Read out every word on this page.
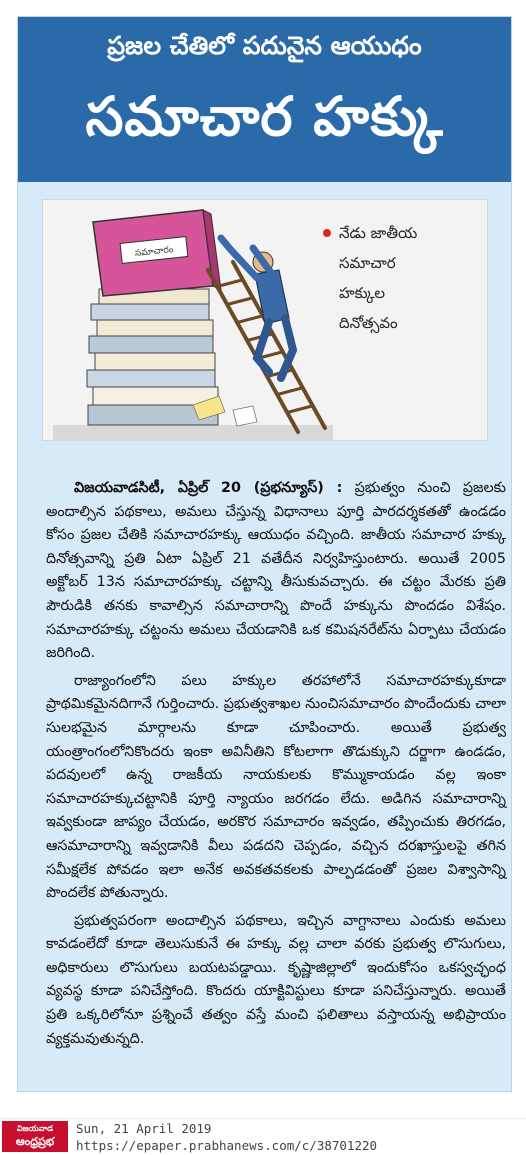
ప్రజల చేతిలో పదునైన ఆయుధం
సమాచార హక్కు
సమాచారం
నేడు జాతీయ
సమాచార
హక్కుల
దినోత్సవం

విజయవాడసిటీ, ఏప్రిల్ 20 (ప్రభన్యూస్) : ప్రభుత్వం నుంచి ప్రజలకు అందాల్సిన పథకాలు, అమలు చేస్తున్న విధానాలు పూర్తి పారదర్శకతతో ఉండడం కోసం ప్రజల చేతికి సమాచారహక్కు ఆయుధం వచ్చింది. జాతీయ సమాచార హక్కు దినోత్సవాన్ని ప్రతి ఏటా ఏప్రిల్ 21 వతేదీన నిర్వహిస్తుంటారు. అయితే 2005 అక్టోబర్ 13న సమాచారహక్కు చట్టాన్ని తీసుకువచ్చారు. ఈ చట్టం మేరకు ప్రతి పౌరుడికి తనకు కావాల్సిన సమాచారాన్ని పొందే హక్కును పొందడం విశేషం. సమాచారహక్కు చట్టంను అమలు చేయడానికి ఒక కమిషనరేట్‌ను ఏర్పాటు చేయడం జరిగింది.

రాజ్యాంగంలోని పలు హక్కుల తరహాలోనే సమాచారహక్కుకూడా ప్రాథమికమైనదిగానే గుర్తించారు. ప్రభుత్వశాఖల నుంచిసమాచారం పొందేందుకు చాలా సులభమైన మార్గాలను కూడా చూపించారు. అయితే ప్రభుత్వ యంత్రాంగంలోనికొందరు ఇంకా అవినీతిని కోటలాగా తొడుక్కుని దర్జాగా ఉండడం, పదవులలో ఉన్న రాజకీయ నాయకులకు కొమ్ముకాయడం వల్ల ఇంకా సమాచారహక్కుచట్టానికి పూర్తి న్యాయం జరగడం లేదు. అడిగిన సమాచారాన్ని ఇవ్వకుండా జాప్యం చేయడం, అరకొర సమాచారం ఇవ్వడం, తప్పించుకు తిరగడం, ఆసమాచారాన్ని ఇవ్వడానికి వీలు పడదని చెప్పడం, వచ్చిన దరఖాస్తులపై తగిన సమీక్షలేక పోవడం ఇలా అనేక అవకతవకలకు పాల్పడడంతో ప్రజల విశ్వాసాన్ని పొందలేక పోతున్నారు.

ప్రభుత్వపరంగా అందాల్సిన పథకాలు, ఇచ్చిన వాగ్దానాలు ఎందుకు అమలు కావడంలేదో కూడా తెలుసుకునే ఈ హక్కు వల్ల చాలా వరకు ప్రభుత్వ లొసుగులు, అధికారులు లొసుగులు బయటపడ్డాయి. కృష్ణాజిల్లాలో ఇందుకోసం ఒకస్వచ్ఛంధ వ్యవస్థ కూడా పనిచేస్తోంది. కొందరు యాక్టివిస్టులు కూడా పనిచేస్తున్నారు. అయితే ప్రతి ఒక్కరిలోనూ ప్రశ్నించే తత్వం వస్తే మంచి ఫలితాలు వస్తాయన్న అభిప్రాయం వ్యక్తమవుతున్నది.

విజయవాడ
ఆంధ్రప్రభ
Sun, 21 April 2019
https://epaper.prabhanews.com/c/38701220
